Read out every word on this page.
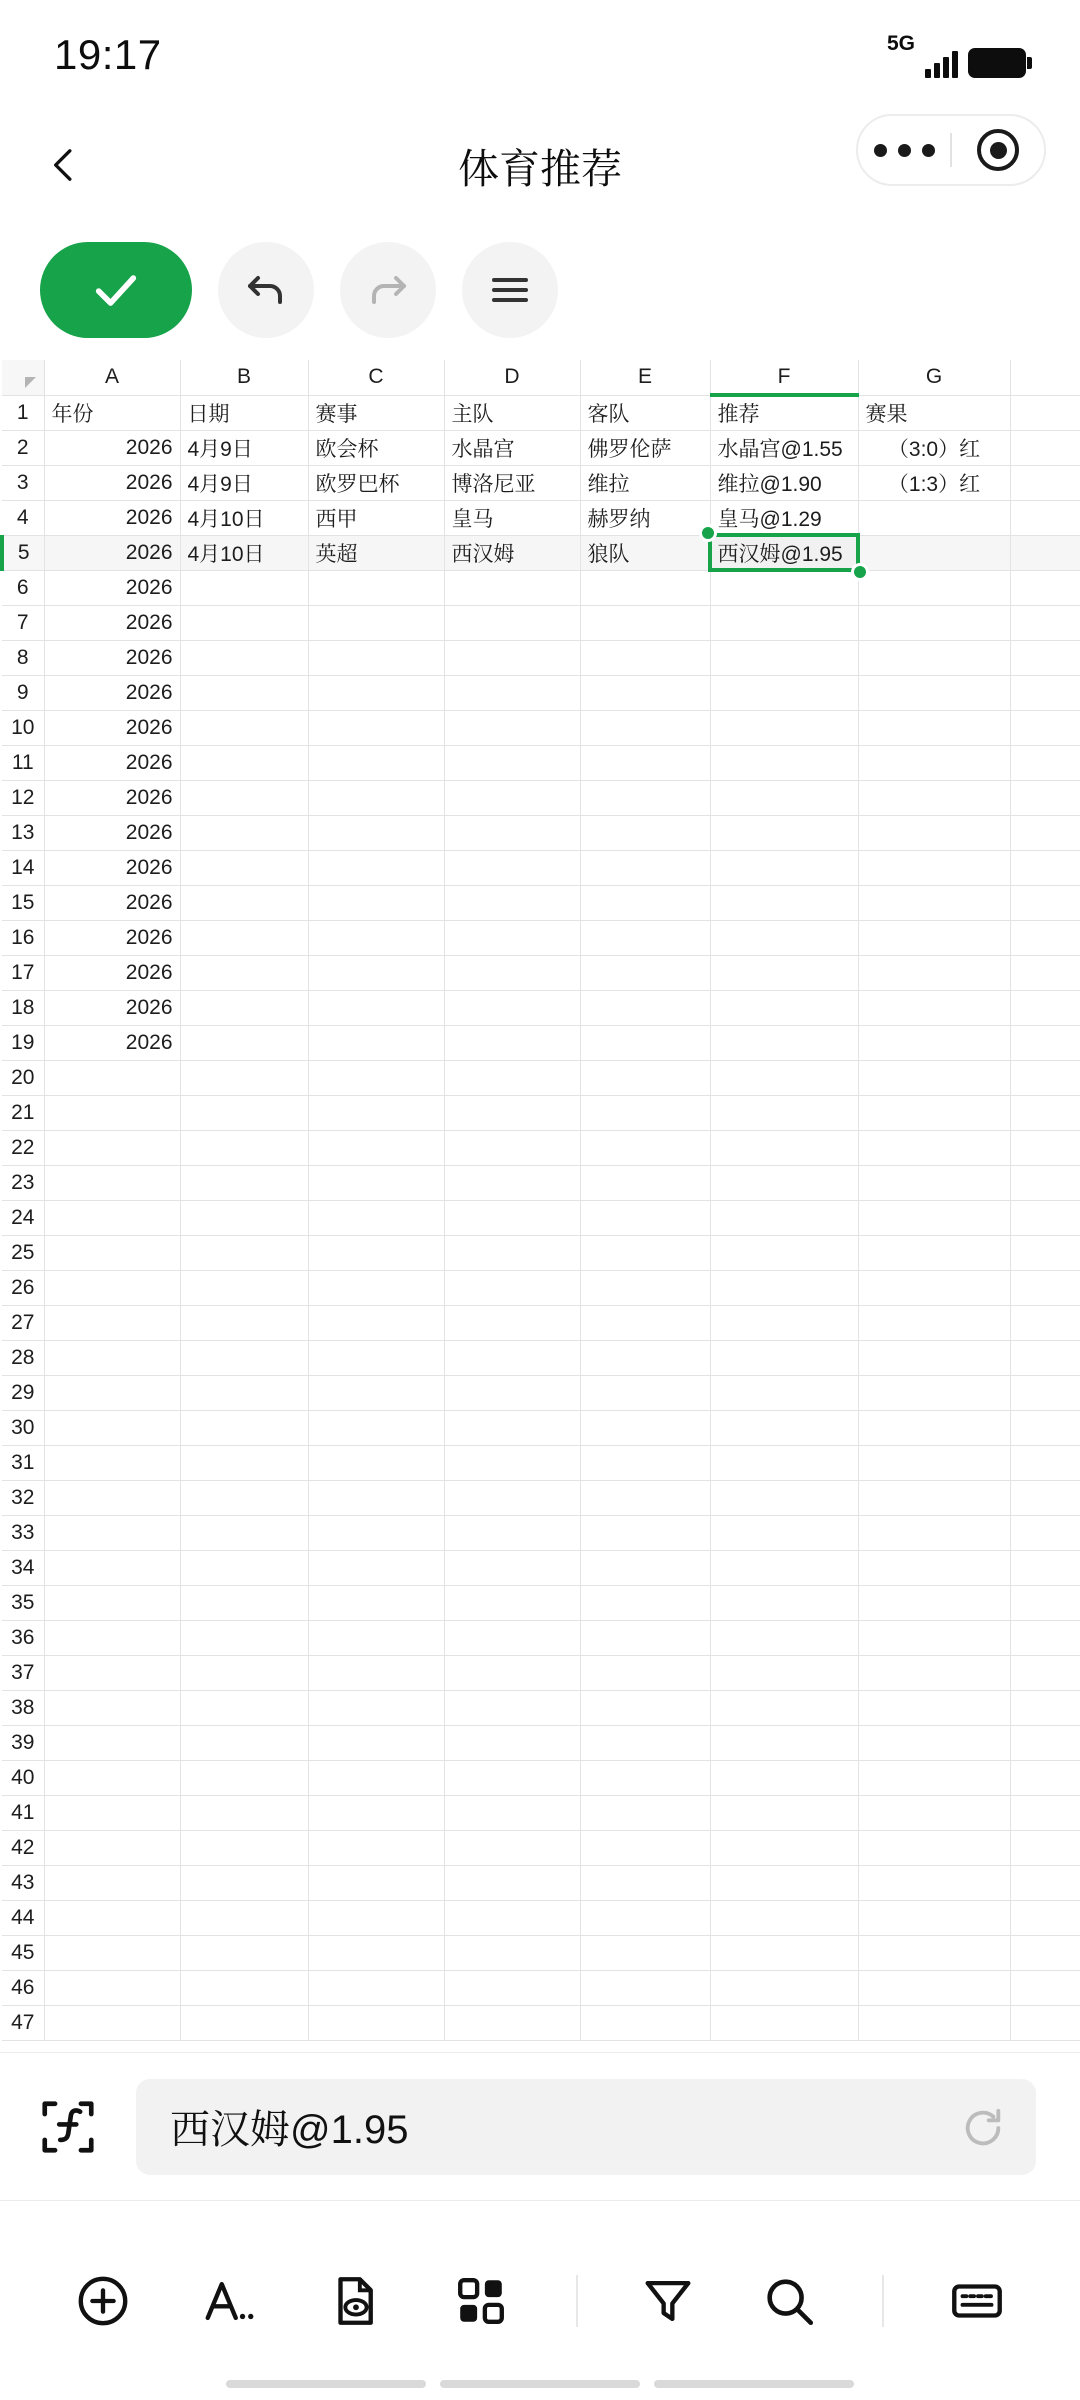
19:17	5G
体育推荐
	A	B	C	D	E	F	G	
1	年份	日期	赛事	主队	客队	推荐	赛果	
2	2026	4月9日	欧会杯	水晶宫	佛罗伦萨	水晶宫@1.55	（3:0）红	
3	2026	4月9日	欧罗巴杯	博洛尼亚	维拉	维拉@1.90	（1:3）红	
4	2026	4月10日	西甲	皇马	赫罗纳	皇马@1.29		
5	2026	4月10日	英超	西汉姆	狼队	西汉姆@1.95		
6	2026							
7	2026							
8	2026							
9	2026							
10	2026							
11	2026							
12	2026							
13	2026							
14	2026							
15	2026							
16	2026							
17	2026							
18	2026							
19	2026							
20								
21								
22								
23								
24								
25								
26								
27								
28								
29								
30								
31								
32								
33								
34								
35								
36								
37								
38								
39								
40								
41								
42								
43								
44								
45								
46								
47								
西汉姆@1.95
